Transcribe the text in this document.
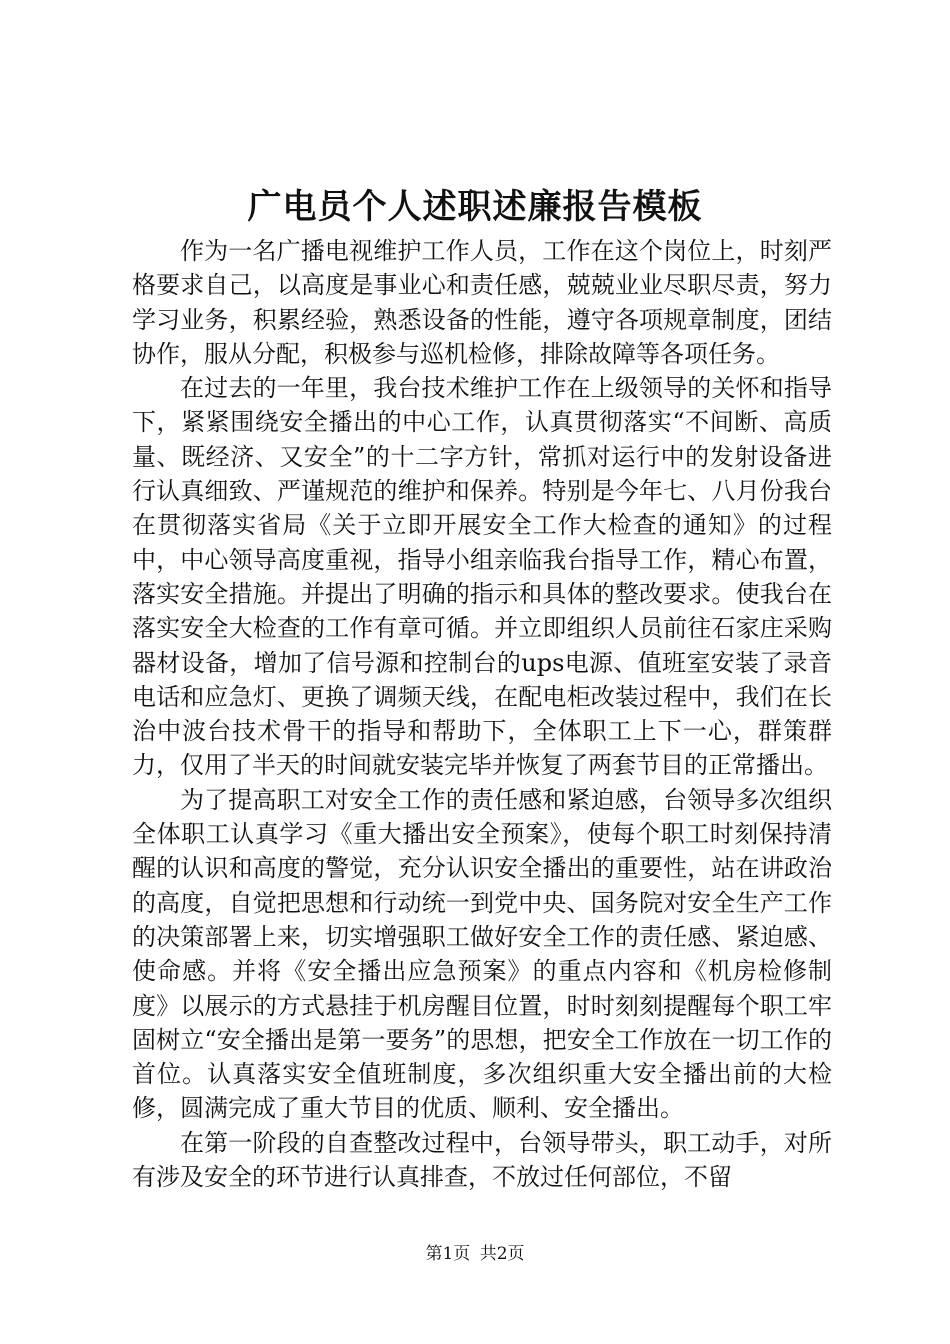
广电员个人述职述廉报告模板

作为一名广播电视维护工作人员，工作在这个岗位上，时刻严格要求自己，以高度是事业心和责任感，兢兢业业尽职尽责，努力学习业务，积累经验，熟悉设备的性能，遵守各项规章制度，团结协作，服从分配，积极参与巡机检修，排除故障等各项任务。

在过去的一年里，我台技术维护工作在上级领导的关怀和指导下，紧紧围绕安全播出的中心工作，认真贯彻落实“不间断、高质量、既经济、又安全”的十二字方针，常抓对运行中的发射设备进行认真细致、严谨规范的维护和保养。特别是今年七、八月份我台在贯彻落实省局《关于立即开展安全工作大检查的通知》的过程中，中心领导高度重视，指导小组亲临我台指导工作，精心布置，落实安全措施。并提出了明确的指示和具体的整改要求。使我台在落实安全大检查的工作有章可循。并立即组织人员前往石家庄采购器材设备，增加了信号源和控制台的ups电源、值班室安装了录音电话和应急灯、更换了调频天线，在配电柜改装过程中，我们在长治中波台技术骨干的指导和帮助下，全体职工上下一心，群策群力，仅用了半天的时间就安装完毕并恢复了两套节目的正常播出。

为了提高职工对安全工作的责任感和紧迫感，台领导多次组织全体职工认真学习《重大播出安全预案》，使每个职工时刻保持清醒的认识和高度的警觉，充分认识安全播出的重要性，站在讲政治的高度，自觉把思想和行动统一到党中央、国务院对安全生产工作的决策部署上来，切实增强职工做好安全工作的责任感、紧迫感、使命感。并将《安全播出应急预案》的重点内容和《机房检修制度》以展示的方式悬挂于机房醒目位置，时时刻刻提醒每个职工牢固树立“安全播出是第一要务”的思想，把安全工作放在一切工作的首位。认真落实安全值班制度，多次组织重大安全播出前的大检修，圆满完成了重大节目的优质、顺利、安全播出。

在第一阶段的自查整改过程中，台领导带头，职工动手，对所有涉及安全的环节进行认真排查，不放过任何部位，不留

第1页 共2页
